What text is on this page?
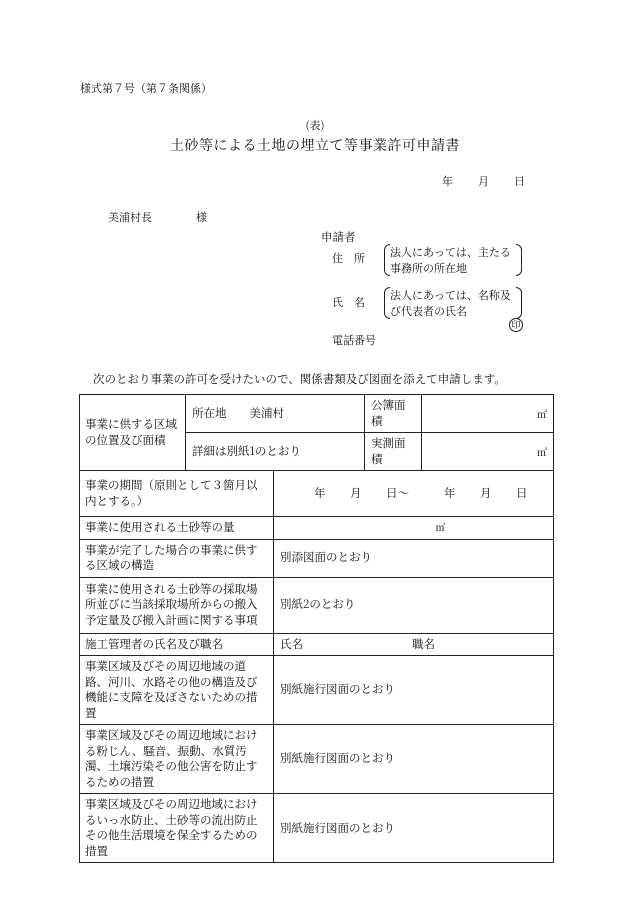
様式第７号（第７条関係）
(表)
土砂等による土地の埋立て等事業許可申請書
年 月 日
美浦村長	様
申請者
住　所	法人にあっては、主たる事務所の所在地
氏　名	法人にあっては、名称及び代表者の氏名
印
電話番号
次のとおり事業の許可を受けたいので、関係書類及び図面を添えて申請します。
事業に供する区域の位置及び面積	所在地　　美浦村		公簿面積	㎡

	詳細は別紙1のとおり		実測面積	㎡

事業の期間（原則として３箇月以内とする。）		年 月 日～ 年 月 日		
事業に使用される土砂等の量		㎥		
事業が完了した場合の事業に供する区域の構造		別添図面のとおり		
事業に使用される土砂等の採取場所並びに当該採取場所からの搬入予定量及び搬入計画に関する事項		別紙2のとおり		
施工管理者の氏名及び職名		氏名 職名		

事業区域及びその周辺地域の道路、河川、水路その他の構造及び機能に支障を及ぼさないための措置		別紙施行図面のとおり		
事業区域及びその周辺地域における粉じん、騒音、振動、水質汚濁、土壌汚染その他公害を防止するための措置		別紙施行図面のとおり		
事業区域及びその周辺地域におけるいっ水防止、土砂等の流出防止その他生活環境を保全するための措置		別紙施行図面のとおり		
